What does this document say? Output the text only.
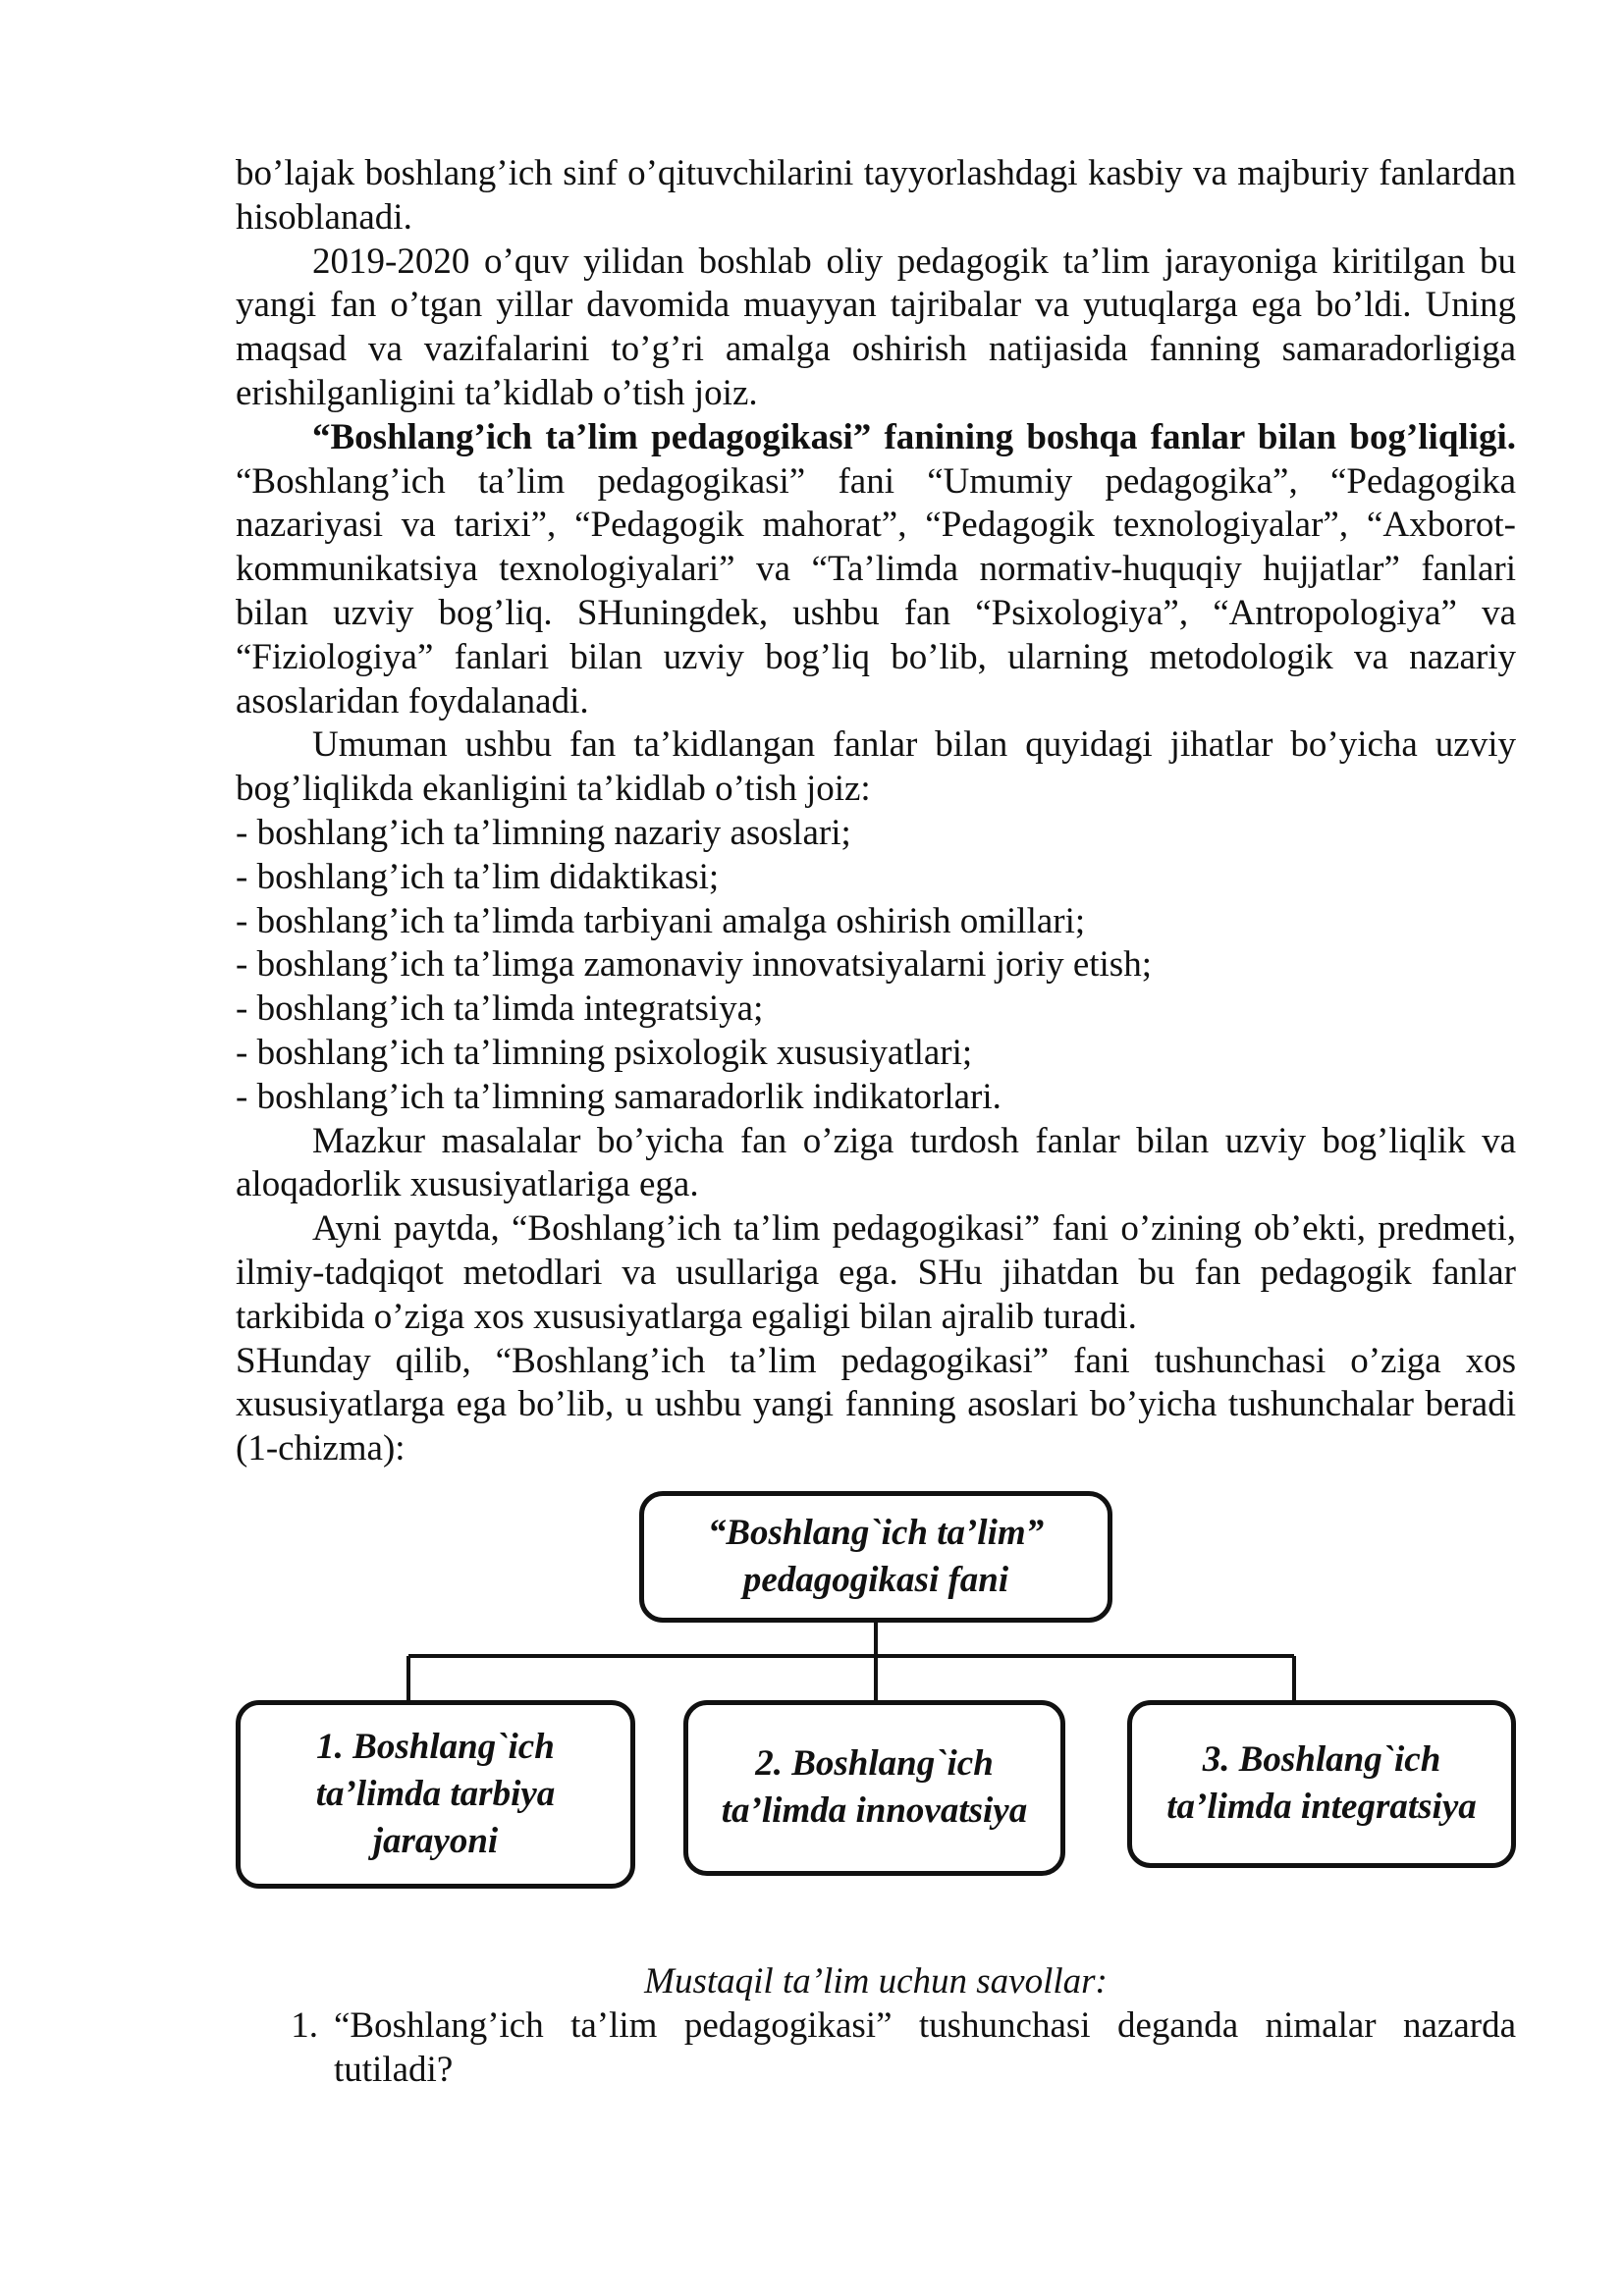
bo’lajak boshlang’ich sinf o’qituvchilarini tayyorlashdagi kasbiy va majburiy fanlardan hisoblanadi.

2019-2020 o’quv yilidan boshlab oliy pedagogik ta’lim jarayoniga kiritilgan bu yangi fan o’tgan yillar davomida muayyan tajribalar va yutuqlarga ega bo’ldi. Uning maqsad va vazifalarini to’g’ri amalga oshirish natijasida fanning samaradorligiga erishilganligini ta’kidlab o’tish joiz.

“Boshlang’ich ta’lim pedagogikasi” fanining boshqa fanlar bilan bog’liqligi. “Boshlang’ich ta’lim pedagogikasi” fani “Umumiy pedagogika”, “Pedagogika nazariyasi va tarixi”, “Pedagogik mahorat”, “Pedagogik texnologiyalar”, “Axborot- kommunikatsiya texnologiyalari” va “Ta’limda normativ-huquqiy hujjatlar” fanlari bilan uzviy bog’liq. SHuningdek, ushbu fan “Psixologiya”, “Antropologiya” va “Fiziologiya” fanlari bilan uzviy bog’liq bo’lib, ularning metodologik va nazariy asoslaridan foydalanadi.

Umuman ushbu fan ta’kidlangan fanlar bilan quyidagi jihatlar bo’yicha uzviy bog’liqlikda ekanligini ta’kidlab o’tish joiz:

- boshlang’ich ta’limning nazariy asoslari;

- boshlang’ich ta’lim didaktikasi;

- boshlang’ich ta’limda tarbiyani amalga oshirish omillari;

- boshlang’ich ta’limga zamonaviy innovatsiyalarni joriy etish;

- boshlang’ich ta’limda integratsiya;

- boshlang’ich ta’limning psixologik xususiyatlari;

- boshlang’ich ta’limning samaradorlik indikatorlari.

Mazkur masalalar bo’yicha fan o’ziga turdosh fanlar bilan uzviy bog’liqlik va aloqadorlik xususiyatlariga ega.

Ayni paytda, “Boshlang’ich ta’lim pedagogikasi” fani o’zining ob’ekti, predmeti, ilmiy-tadqiqot metodlari va usullariga ega. SHu jihatdan bu fan pedagogik fanlar tarkibida o’ziga xos xususiyatlarga egaligi bilan ajralib turadi.

SHunday qilib, “Boshlang’ich ta’lim pedagogikasi” fani tushunchasi o’ziga xos xususiyatlarga ega bo’lib, u ushbu yangi fanning asoslari bo’yicha tushunchalar beradi (1-chizma):

“Boshlang`ich ta’lim”
pedagogikasi fani
1. Boshlang`ich
ta’limda tarbiya
jarayoni
2. Boshlang`ich
ta’limda innovatsiya
3. Boshlang`ich
ta’limda integratsiya

Mustaqil ta’lim uchun savollar:

1. “Boshlang’ich ta’lim pedagogikasi” tushunchasi deganda nimalar nazarda tutiladi?
